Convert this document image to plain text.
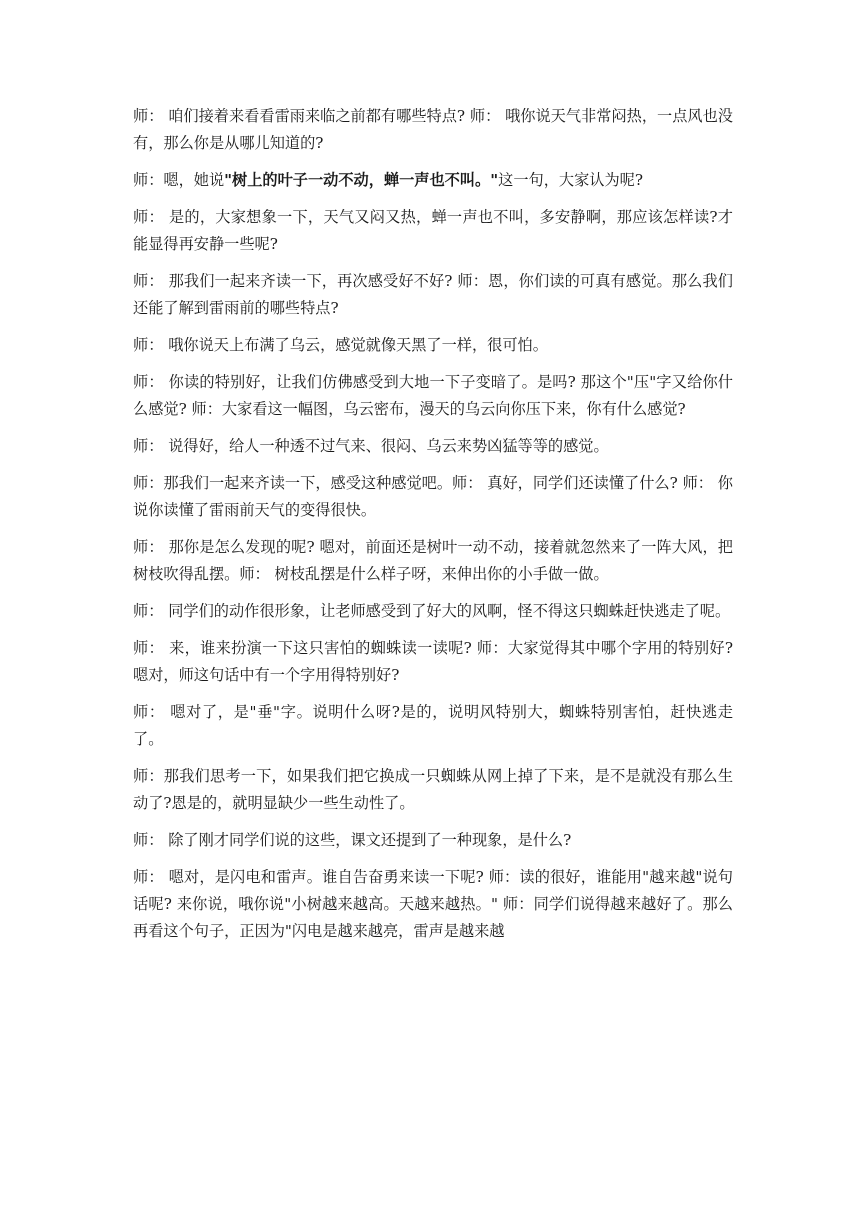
师： 咱们接着来看看雷雨来临之前都有哪些特点? 师： 哦你说天气非常闷热，一点风也没有，那么你是从哪儿知道的?

师：嗯，她说"树上的叶子一动不动，蝉一声也不叫。"这一句，大家认为呢?

师： 是的，大家想象一下，天气又闷又热，蝉一声也不叫，多安静啊，那应该怎样读?才能显得再安静一些呢?

师： 那我们一起来齐读一下，再次感受好不好? 师：恩，你们读的可真有感觉。那么我们还能了解到雷雨前的哪些特点?

师： 哦你说天上布满了乌云，感觉就像天黑了一样，很可怕。

师： 你读的特别好，让我们仿佛感受到大地一下子变暗了。是吗? 那这个"压"字又给你什么感觉? 师：大家看这一幅图，乌云密布，漫天的乌云向你压下来，你有什么感觉?

师： 说得好，给人一种透不过气来、很闷、乌云来势凶猛等等的感觉。

师：那我们一起来齐读一下，感受这种感觉吧。师： 真好，同学们还读懂了什么? 师： 你说你读懂了雷雨前天气的变得很快。

师： 那你是怎么发现的呢? 嗯对，前面还是树叶一动不动，接着就忽然来了一阵大风，把树枝吹得乱摆。师： 树枝乱摆是什么样子呀，来伸出你的小手做一做。

师： 同学们的动作很形象，让老师感受到了好大的风啊，怪不得这只蜘蛛赶快逃走了呢。

师： 来，谁来扮演一下这只害怕的蜘蛛读一读呢? 师：大家觉得其中哪个字用的特别好? 嗯对，师这句话中有一个字用得特别好?

师： 嗯对了，是"垂"字。说明什么呀?是的，说明风特别大，蜘蛛特别害怕，赶快逃走了。

师：那我们思考一下，如果我们把它换成一只蜘蛛从网上掉了下来，是不是就没有那么生动了?恩是的，就明显缺少一些生动性了。

师： 除了刚才同学们说的这些，课文还提到了一种现象，是什么?

师： 嗯对，是闪电和雷声。谁自告奋勇来读一下呢? 师：读的很好，谁能用"越来越"说句话呢? 来你说，哦你说"小树越来越高。天越来越热。" 师：同学们说得越来越好了。那么再看这个句子，正因为"闪电是越来越亮，雷声是越来越
